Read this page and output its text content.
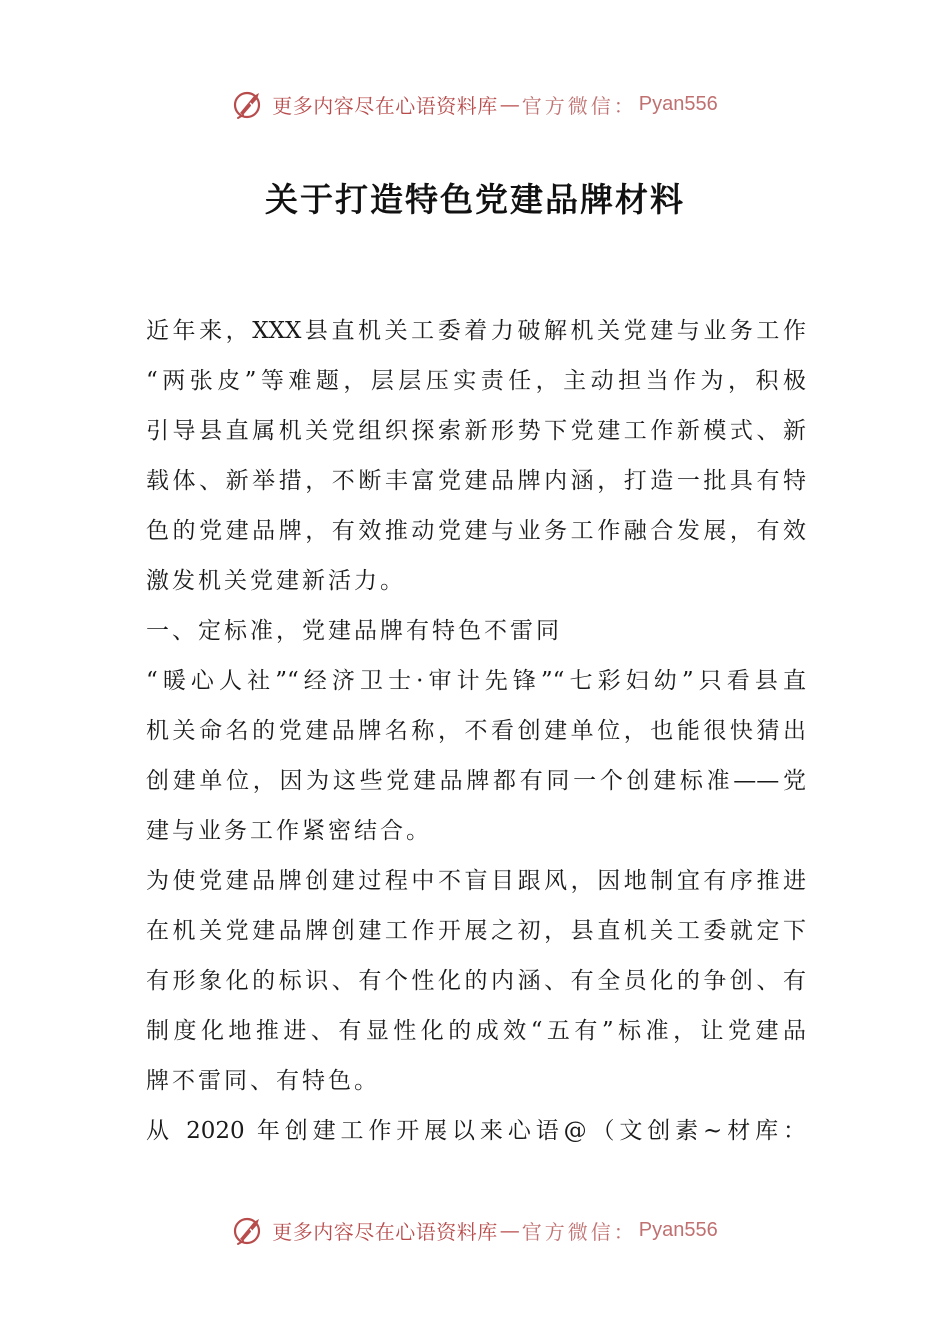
更多内容尽在心语资料库 — 官方微信： Pyan556
关于打造特色党建品牌材料
近年来，XXX县直机关工委着力破解机关党建与业务工作
“两张皮”等难题，层层压实责任，主动担当作为，积极
引导县直属机关党组织探索新形势下党建工作新模式、新
载体、新举措，不断丰富党建品牌内涵，打造一批具有特
色的党建品牌，有效推动党建与业务工作融合发展，有效
激发机关党建新活力。
一、定标准，党建品牌有特色不雷同
“暖心人社”“经济卫士·审计先锋”“七彩妇幼”只看县直
机关命名的党建品牌名称，不看创建单位，也能很快猜出
创建单位，因为这些党建品牌都有同一个创建标准——党
建与业务工作紧密结合。
为使党建品牌创建过程中不盲目跟风，因地制宜有序推进
在机关党建品牌创建工作开展之初，县直机关工委就定下
有形象化的标识、有个性化的内涵、有全员化的争创、有
制度化地推进、有显性化的成效“五有”标准，让党建品
牌不雷同、有特色。
从 2020 年创建工作开展以来心语@（文创素~材库：
更多内容尽在心语资料库 — 官方微信： Pyan556
